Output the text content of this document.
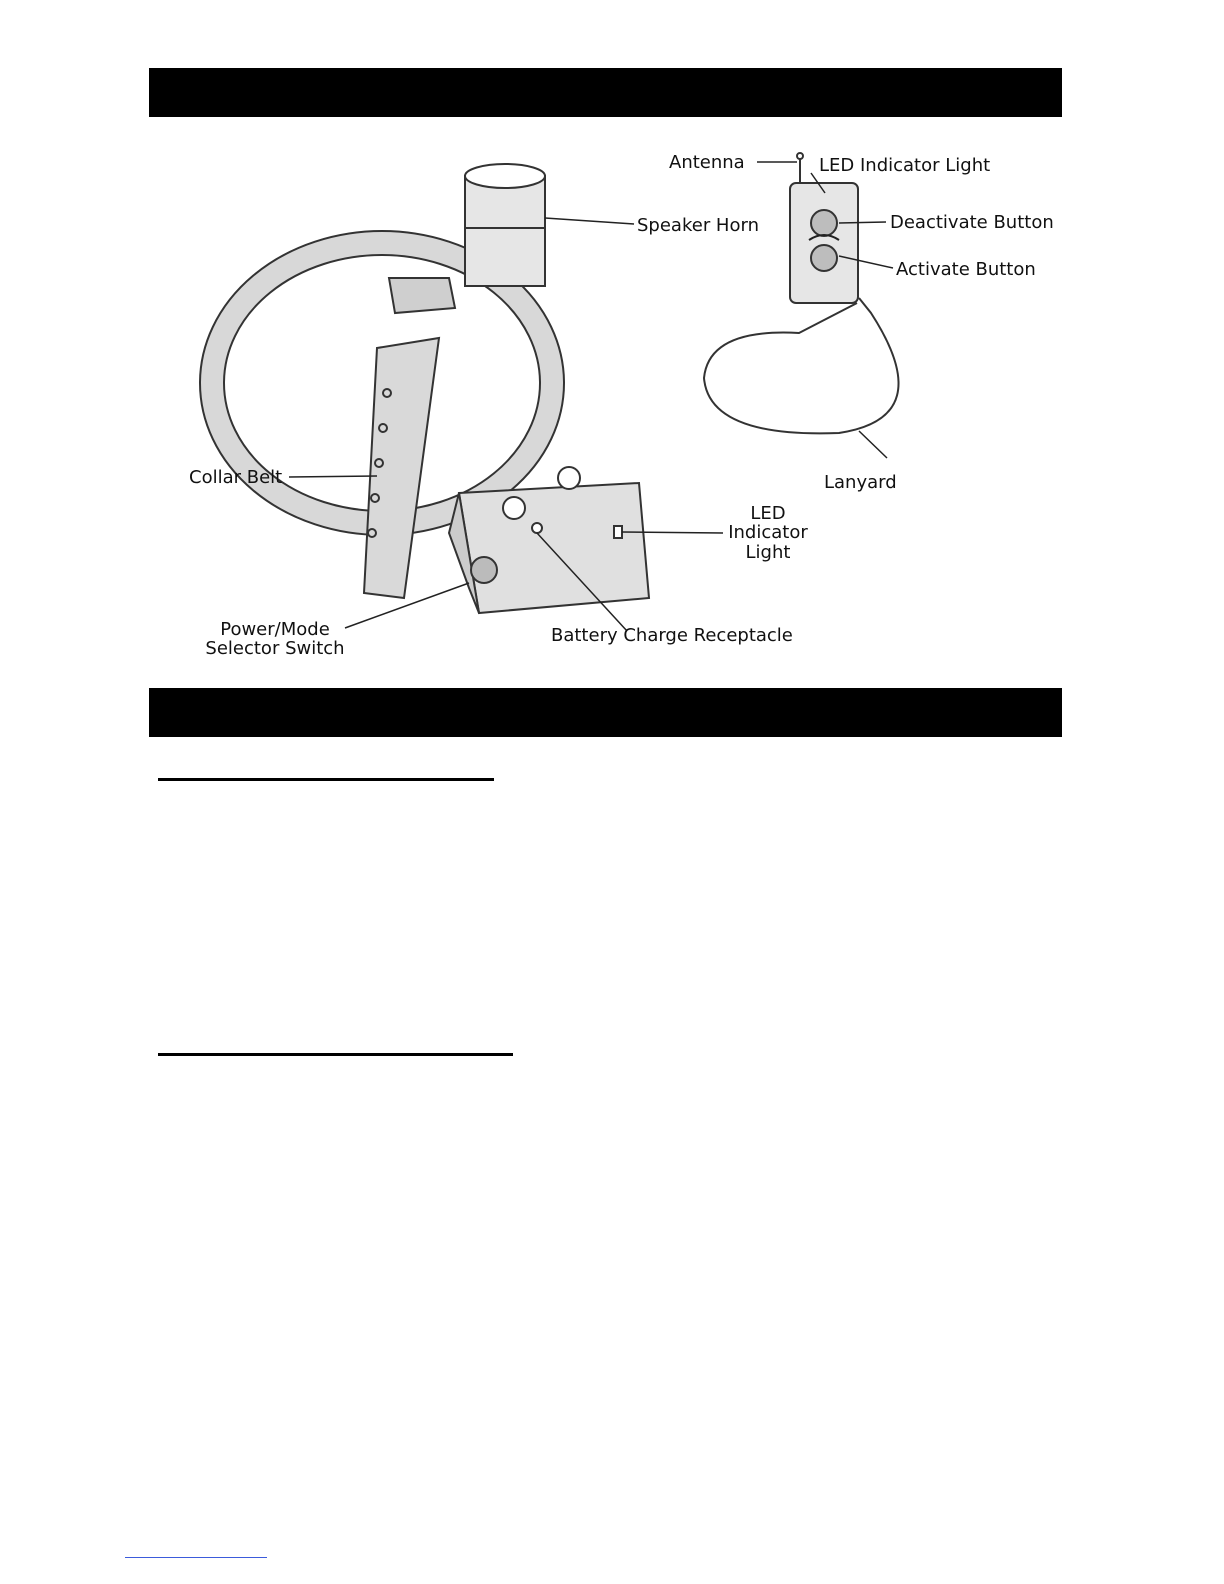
Antenna	LED Indicator Light
Speaker Horn	Deactivate Button
Activate Button
Lanyard
Collar Belt
LED
Indicator
Light
Power/Mode
Selector Switch
Battery Charge Receptacle
